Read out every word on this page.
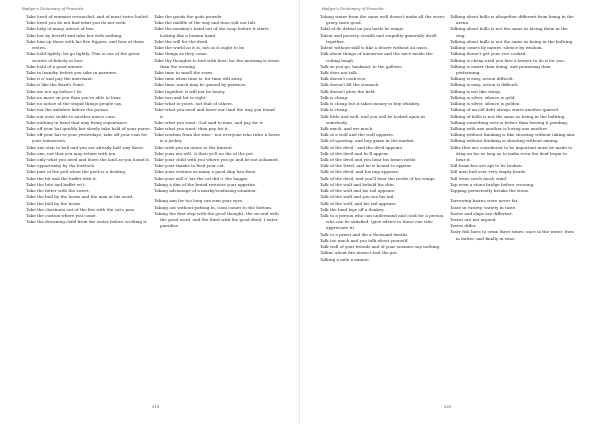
Badger's Dictionary of Proverbs

Take heed of enemies reconciled, and of meat twice boiled.

Take heed you do not find what you do not seek.

Take help of many, advice of few.

Take her by herself and take her with nothing.

Take him up there with his five Eggses, and four of them rotten.

Take hold lightly; let go lightly. This is one of the great secrets of felicity in love.

Take hold of a good minute.

Take in laundry before you take in partners.

Take it a' and pay the merchant.

Take it like the Bard's Point.

Take me not up before I fa'.

Take no more on you than you're able to bear.

Take no notice of the stupid things people say.

Take not the antidote before the poison.

Take not your sickle to another man's corn.

Take nothing in hand that may bring repentance.

Take off your hat quickly but slowly take hold of your purse.

Take off your hat to your yesterdays; take off your coat for your tomorrows.

Take one step to hell and you are already half way there.

Take one, not that you may return with ten.

Take only what you need and leave the land as you found it.

Take opportunity by the forelock.

Take part of the pelf when the pack is a dealing.

Take the bit and the buffet with it.

Take the bite and buffet wi't.

Take the bitter with the sweet.

Take the bull by the horns and the man at his word.

Take the bull by the horns.

Take the chestnuts out of the fire with the cat's paw.

Take the custom where you come.

Take the drowning child from the water before scolding it.

Take the goods the gods provide.

Take the middle of the way and thou wilt not fall.

Take the monkey's hand out of the soup before it starts looking like a human hand.

Take the will for the deed.

Take the world as it is, not as it ought to be.

Take things as they come.

Take thy thoughts to bed with thee, for the morning is wiser than the evening.

Take time to smell the roses.

Take time when time is, for time will away.

Take time: much may be gained by patience.

Take together, it will not be heavy.

Take two and hit to right.

Take what is yours, not that of others.

Take what you need and leave our land the way you found it.

Take what you want, God said to man, and pay for it.

Take what you want, then pay for it.

Take wisdom from the wise - not everyone who rides a horse is a jockey.

Take with you an onion to the funeral.

Take your ain will, & then ye'll no die of the pet.

Take your child with you where you go and be not ashamed.

Take your thanks to feed your cat.

Take your venture as many a good ship has done.

Take your will o' tas the cat did o' the haggis.

Taking a dim of the bread restores your appetite.

Taking advantage of a murky/confusing situation.

Taking aim for too long can ruin your eyes.

Taking out without putting in, soon comes to the bottom.

Taking the first step with the good thought, the second with the good word, and the third with the good deed, I enter paradise.

519
Badger's Dictionary of Proverbs

Taking water from the same well doesn't make all the wives' gravy taste good.

Talal of de debtal an you heels he wings.

Talent and poverty, wealth and stupidity generally dwell together.

Talent without skill is like a desert without an oasis.

Talk about things of tomorrow and the mice inside the ceiling laugh.

Talk as you go, husband, to the gallows.

Talk does not talk.

Talk doesn't cook rice.

Talk doesn't fill the stomach.

Talk doesn't plow the field.

Talk is cheap.

Talk is cheap but it takes money to buy whiskey.

Talk is cheap.

Talk little and well, and you will be looked upon as somebody.

Talk much, and err much.

Talk of a wolf and the wolf appears.

Talk of sporting, and buy game in the market.

Talk of the devil - and the devil appears.

Talk of the devil and he'll appear.

Talk of the devil and you hear his bones rattle.

Talk of the Devil, and he is bound to appear.

Talk of the devil, and his imp appears.

Talk of the devil, and you'll hear the rustle of his wings.

Talk of the wolf and behold his skin.

Talk of the wolf and his tail appears.

Talk of the wolf and you see his tail.

Talk of the wolf, and his tail appears.

Talk the hind legs off a donkey.

Talk to a person who can understand and cook for a person who can be satisfied. (give advice to those one who appreciate it)

Talk to a priest and die a thousand deaths.

Talk too much and you talk about yourself.

Talk well of your friends and of your enemies say nothing.

Talkin' about fire doesn't boil the pot.

Talking a mile a minute.

Talking about bulls is altogether different from being in the arena.

Talking about bulls is not the same as facing them in the ring.

Talking about bulls is not the same as being in the bullring.

Talking comes by nature, silence by wisdom.

Talking doesn't get your rice cooked.

Talking is cheap until you hire a lawyer to do it for you.

Talking is easier than doing, and promising than performing.

Talking is easy, action difficult.

Talking is easy, action is difficult.

Talking is not like doing.

Talking is silver, silence is gold.

Talking is silver, silence is golden.

Talking of an old debt always starts another quarrel.

Talking of bulls is not the same as being in the bullring.

Talking something over is better than leaving it pending.

Talking with one another is loving one another.

Talking without thinking is like shooting without taking aim.

Talking without thinking is shooting without aiming.

Talks that are considered to be important must be made to drag on for so long as to make even the deaf begin to hear it.

Tall branches are apt to be broken.

Tall men had ever very empty heads.

Tall trees catch much wind.

Tap even a stone bridge before crossing.

Tapping persistently breaks the stone.

Tarrowing bairns were never fat.

Taste in variety, variety in taste.

Tastes and slaps are different.

Tastes are not argued.

Tastes differ.

Tasty fish have to swim three times: once in the water, then in butter, and finally in wine.

520
